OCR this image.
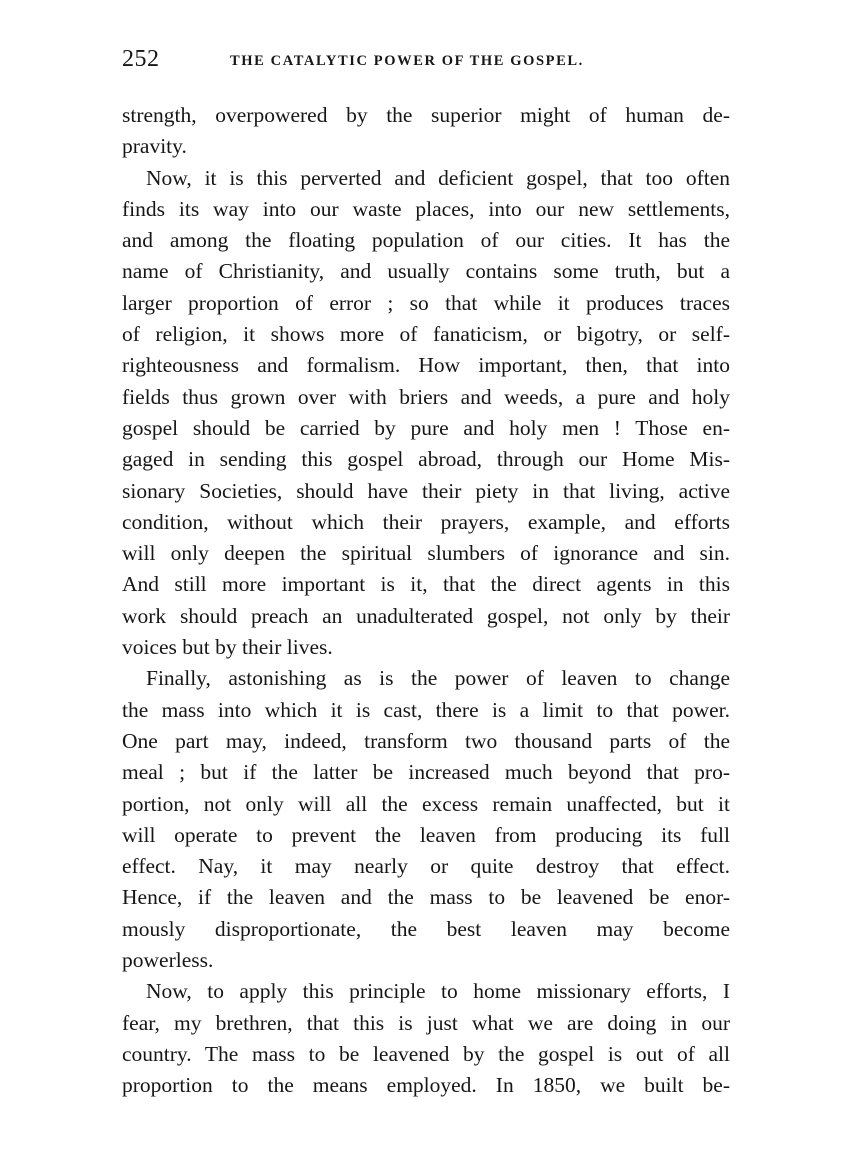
252	THE CATALYTIC POWER OF THE GOSPEL.
strength, overpowered by the superior might of human de-
pravity.
Now, it is this perverted and deficient gospel, that too often
finds its way into our waste places, into our new settlements,
and among the floating population of our cities. It has the
name of Christianity, and usually contains some truth, but a
larger proportion of error ; so that while it produces traces
of religion, it shows more of fanaticism, or bigotry, or self-
righteousness and formalism. How important, then, that into
fields thus grown over with briers and weeds, a pure and holy
gospel should be carried by pure and holy men ! Those en-
gaged in sending this gospel abroad, through our Home Mis-
sionary Societies, should have their piety in that living, active
condition, without which their prayers, example, and efforts
will only deepen the spiritual slumbers of ignorance and sin.
And still more important is it, that the direct agents in this
work should preach an unadulterated gospel, not only by their
voices but by their lives.
Finally, astonishing as is the power of leaven to change
the mass into which it is cast, there is a limit to that power.
One part may, indeed, transform two thousand parts of the
meal ; but if the latter be increased much beyond that pro-
portion, not only will all the excess remain unaffected, but it
will operate to prevent the leaven from producing its full
effect. Nay, it may nearly or quite destroy that effect.
Hence, if the leaven and the mass to be leavened be enor-
mously disproportionate, the best leaven may become
powerless.
Now, to apply this principle to home missionary efforts, I
fear, my brethren, that this is just what we are doing in our
country. The mass to be leavened by the gospel is out of all
proportion to the means employed. In 1850, we built be-
